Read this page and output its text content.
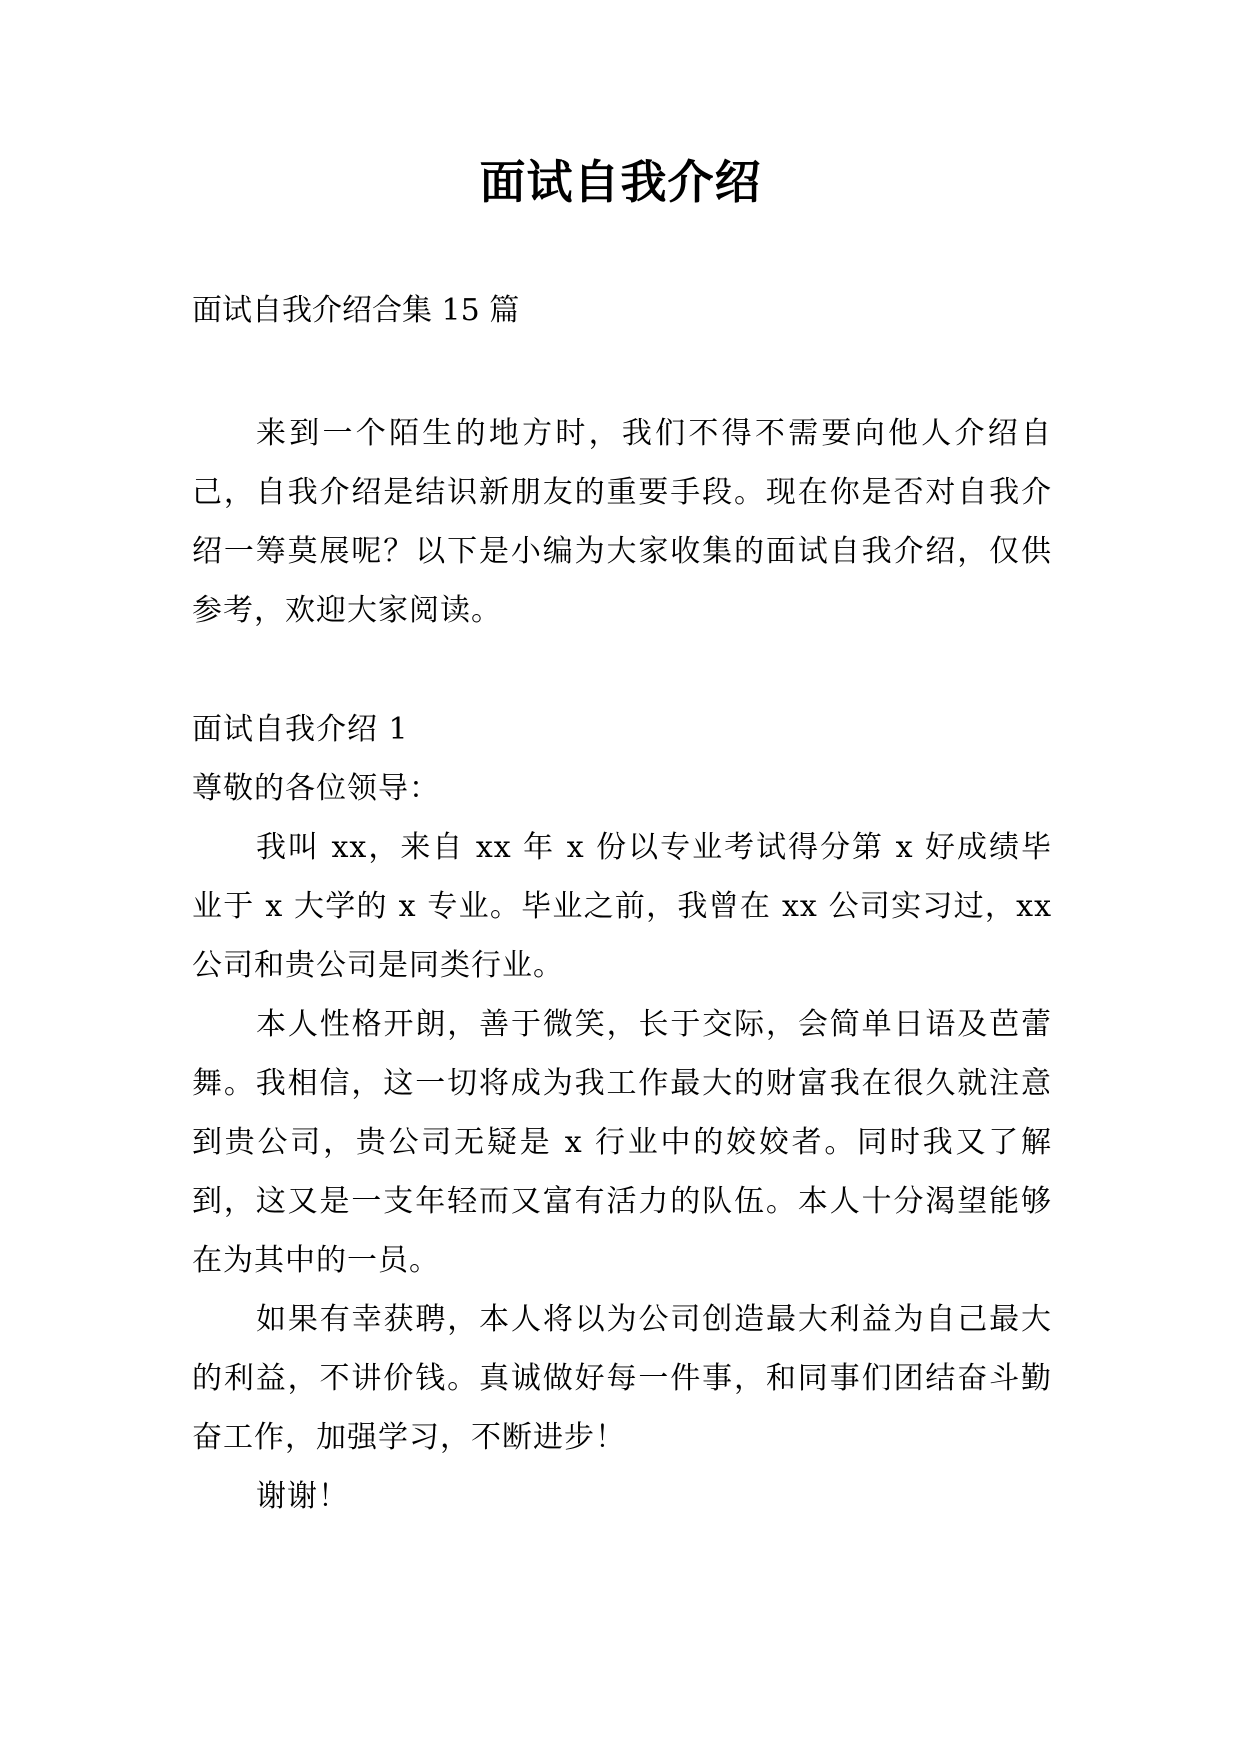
面试自我介绍

面试自我介绍合集 15 篇

来到一个陌生的地方时，我们不得不需要向他人介绍自己，自我介绍是结识新朋友的重要手段。现在你是否对自我介绍一筹莫展呢？以下是小编为大家收集的面试自我介绍，仅供参考，欢迎大家阅读。

面试自我介绍 1

尊敬的各位领导：

我叫 xx，来自 xx 年 x 份以专业考试得分第 x 好成绩毕业于 x 大学的 x 专业。毕业之前，我曾在 xx 公司实习过，xx 公司和贵公司是同类行业。

本人性格开朗，善于微笑，长于交际，会简单日语及芭蕾舞。我相信，这一切将成为我工作最大的财富我在很久就注意到贵公司，贵公司无疑是 x 行业中的姣姣者。同时我又了解到，这又是一支年轻而又富有活力的队伍。本人十分渴望能够在为其中的一员。

如果有幸获聘，本人将以为公司创造最大利益为自己最大的利益，不讲价钱。真诚做好每一件事，和同事们团结奋斗勤奋工作，加强学习，不断进步！

谢谢！
